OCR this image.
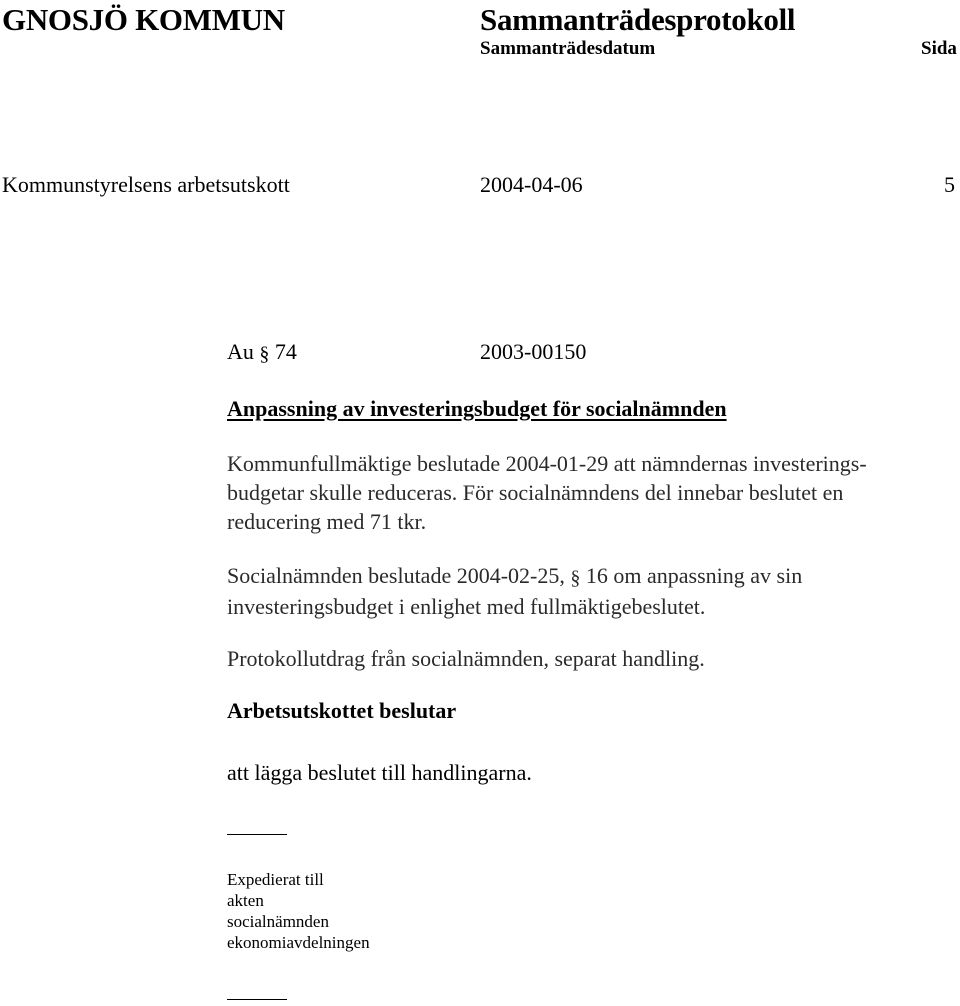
GNOSJÖ KOMMUN	Sammanträdesprotokoll
Sammanträdesdatum	Sida
Kommunstyrelsens arbetsutskott	2004-04-06	5
Au § 74	2003-00150
Anpassning av investeringsbudget för socialnämnden
Kommunfullmäktige beslutade 2004-01-29 att nämndernas investerings-
budgetar skulle reduceras. För socialnämndens del innebar beslutet en
reducering med 71 tkr.
Socialnämnden beslutade 2004-02-25, § 16 om anpassning av sin
investeringsbudget i enlighet med fullmäktigebeslutet.
Protokollutdrag från socialnämnden, separat handling.
Arbetsutskottet beslutar
att lägga beslutet till handlingarna.
Expedierat till
akten
socialnämnden
ekonomiavdelningen
